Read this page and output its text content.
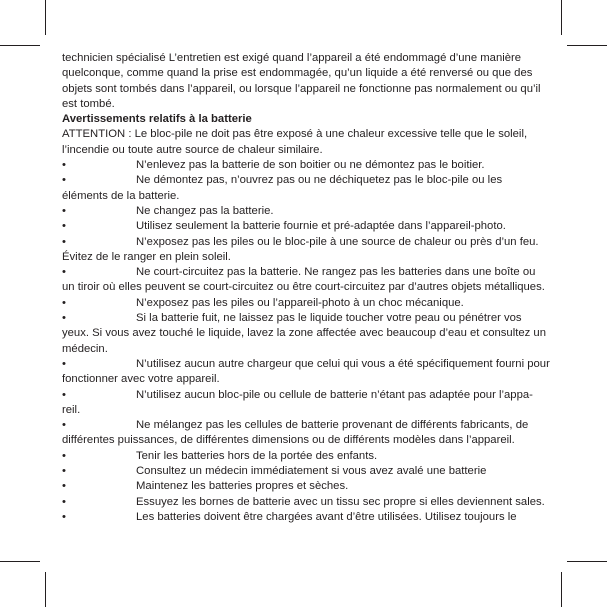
technicien spécialisé L’entretien est exigé quand l’appareil a été endommagé d’une manière quelconque, comme quand la prise est endommagée, qu’un liquide a été renversé ou que des objets sont tombés dans l’appareil, ou lorsque l’appareil ne fonctionne pas normalement ou qu’il est tombé.

Avertissements relatifs à la batterie

ATTENTION : Le bloc-pile ne doit pas être exposé à une chaleur excessive telle que le soleil, l’incendie ou toute autre source de chaleur similaire.

•	N’enlevez pas la batterie de son boitier ou ne démontez pas le boitier.

•	Ne démontez pas, n’ouvrez pas ou ne déchiquetez pas le bloc-pile ou les éléments de la batterie.

•	Ne changez pas la batterie.

•	Utilisez seulement la batterie fournie et pré-adaptée dans l’appareil-photo.

•	N’exposez pas les piles ou le bloc-pile à une source de chaleur ou près d’un feu. Évitez de le ranger en plein soleil.

•	Ne court-circuitez pas la batterie. Ne rangez pas les batteries dans une boîte ou un tiroir où elles peuvent se court-circuitez ou être court-circuitez par d’autres objets métalliques.

•	N’exposez pas les piles ou l’appareil-photo à un choc mécanique.

•	Si la batterie fuit, ne laissez pas le liquide toucher votre peau ou pénétrer vos yeux. Si vous avez touché le liquide, lavez la zone affectée avec beaucoup d’eau et consultez un médecin.

•	N’utilisez aucun autre chargeur que celui qui vous a été spécifiquement fourni pour fonctionner avec votre appareil.

•	N’utilisez aucun bloc-pile ou cellule de batterie n’étant pas adaptée pour l’appa-reil.

•	Ne mélangez pas les cellules de batterie provenant de différents fabricants, de différentes puissances, de différentes dimensions ou de différents modèles dans l’appareil.

•	Tenir les batteries hors de la portée des enfants.

•	Consultez un médecin immédiatement si vous avez avalé une batterie

•	Maintenez les batteries propres et sèches.

•	Essuyez les bornes de batterie avec un tissu sec propre si elles deviennent sales.

•	Les batteries doivent être chargées avant d’être utilisées. Utilisez toujours le
